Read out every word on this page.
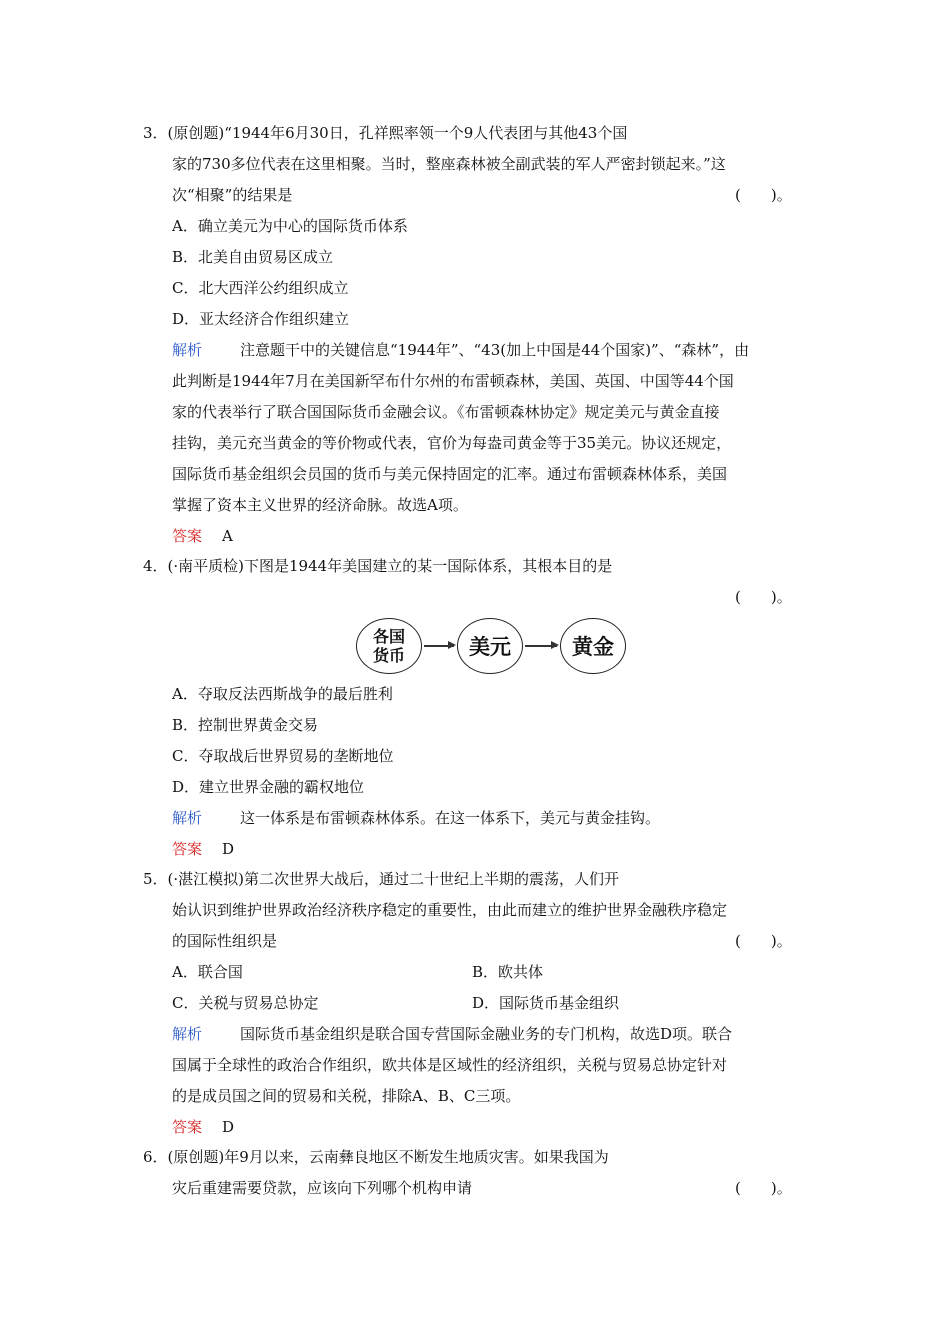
3．(原创题)“1944年6月30日，孔祥熙率领一个9人代表团与其他43个国
家的730多位代表在这里相聚。当时，整座森林被全副武装的军人严密封锁起来。”这
次“相聚”的结果是	(　　)。
A．确立美元为中心的国际货币体系
B．北美自由贸易区成立
C．北大西洋公约组织成立
D．亚太经济合作组织建立
解析	注意题干中的关键信息“1944年”、“43(加上中国是44个国家)”、“森林”，由
此判断是1944年7月在美国新罕布什尔州的布雷顿森林，美国、英国、中国等44个国
家的代表举行了联合国国际货币金融会议。《布雷顿森林协定》规定美元与黄金直接
挂钩，美元充当黄金的等价物或代表，官价为每盎司黄金等于35美元。协议还规定，
国际货币基金组织会员国的货币与美元保持固定的汇率。通过布雷顿森林体系，美国
掌握了资本主义世界的经济命脉。故选A项。
答案 A
4．(·南平质检)下图是1944年美国建立的某一国际体系，其根本目的是
(　　)。
各国
货币	美元	黄金
A．夺取反法西斯战争的最后胜利
B．控制世界黄金交易
C．夺取战后世界贸易的垄断地位
D．建立世界金融的霸权地位
解析	这一体系是布雷顿森林体系。在这一体系下，美元与黄金挂钩。
答案 D
5．(·湛江模拟)第二次世界大战后，通过二十世纪上半期的震荡，人们开
始认识到维护世界政治经济秩序稳定的重要性，由此而建立的维护世界金融秩序稳定
的国际性组织是	(　　)。
A．联合国	B．欧共体
C．关税与贸易总协定	D．国际货币基金组织
解析	国际货币基金组织是联合国专营国际金融业务的专门机构，故选D项。联合
国属于全球性的政治合作组织，欧共体是区域性的经济组织，关税与贸易总协定针对
的是成员国之间的贸易和关税，排除A、B、C三项。
答案 D
6．(原创题)年9月以来，云南彝良地区不断发生地质灾害。如果我国为
灾后重建需要贷款，应该向下列哪个机构申请	(　　)。
